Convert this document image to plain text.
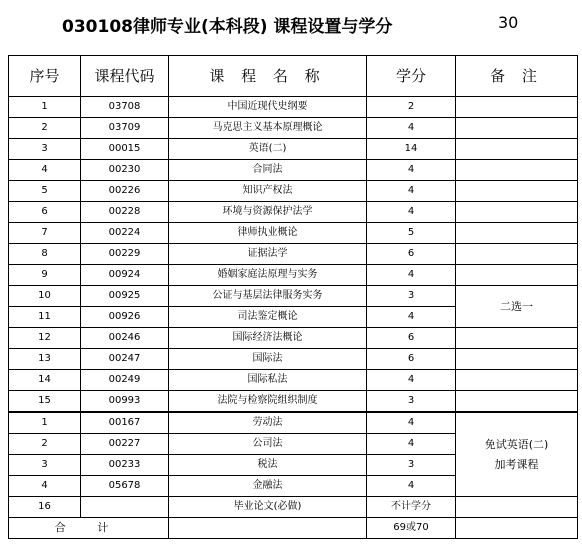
030108律师专业(本科段) 课程设置与学分	30
序号	课程代码	课 程 名 称	学分	备 注
1	03708	中国近现代史纲要	2	
2	03709	马克思主义基本原理概论	4	
3	00015	英语(二)	14	
4	00230	合同法	4	
5	00226	知识产权法	4	
6	00228	环境与资源保护法学	4	
7	00224	律师执业概论	5	
8	00229	证据法学	6	
9	00924	婚姻家庭法原理与实务	4	
10	00925	公证与基层法律服务实务	3	二选一
11	00926	司法鉴定概论	4	
12	00246	国际经济法概论	6	
13	00247	国际法	6	
14	00249	国际私法	4	
15	00993	法院与检察院组织制度	3	
1	00167	劳动法	4	免试英语(二)
加考课程

2	00227	公司法	4	
3	00233	税法	3	
4	05678	金融法	4	
16		毕业论文(必做)	不计学分	
合 计			69或70	
